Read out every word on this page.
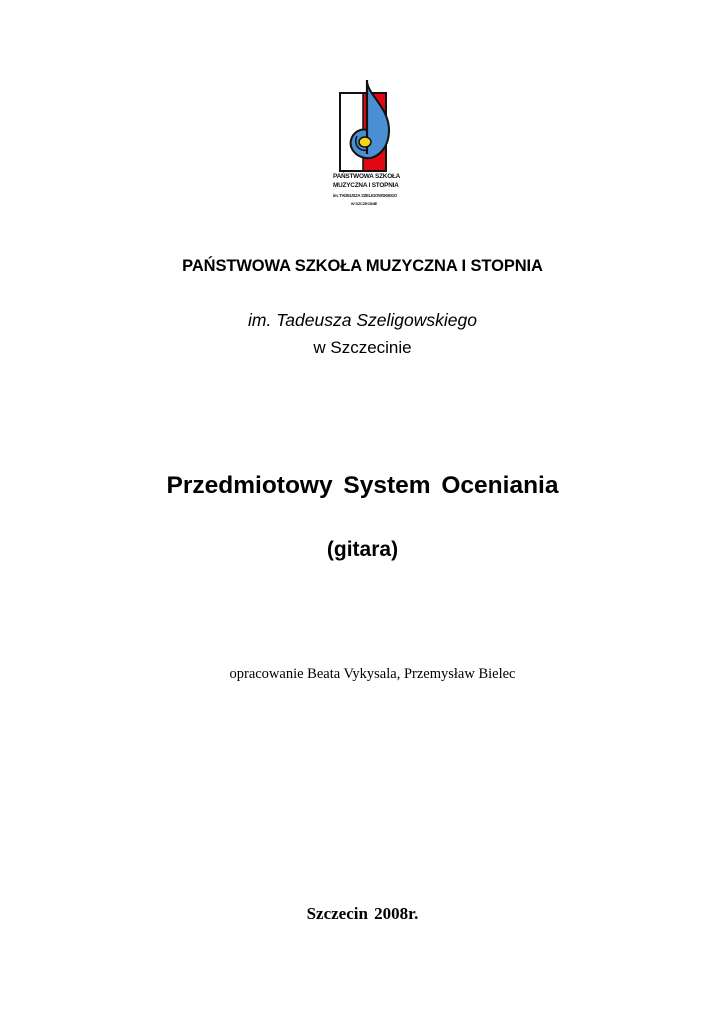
PAŃSTWOWA SZKOŁA
MUZYCZNA I STOPNIA
im. TADEUSZA SZELIGOWSKIEGO
W SZCZECINIE
PAŃSTWOWA SZKOŁA MUZYCZNA I STOPNIA
im. Tadeusza Szeligowskiego
w Szczecinie
Przedmiotowy System Oceniania
(gitara)
opracowanie Beata Vykysala, Przemysław Bielec
Szczecin 2008r.
